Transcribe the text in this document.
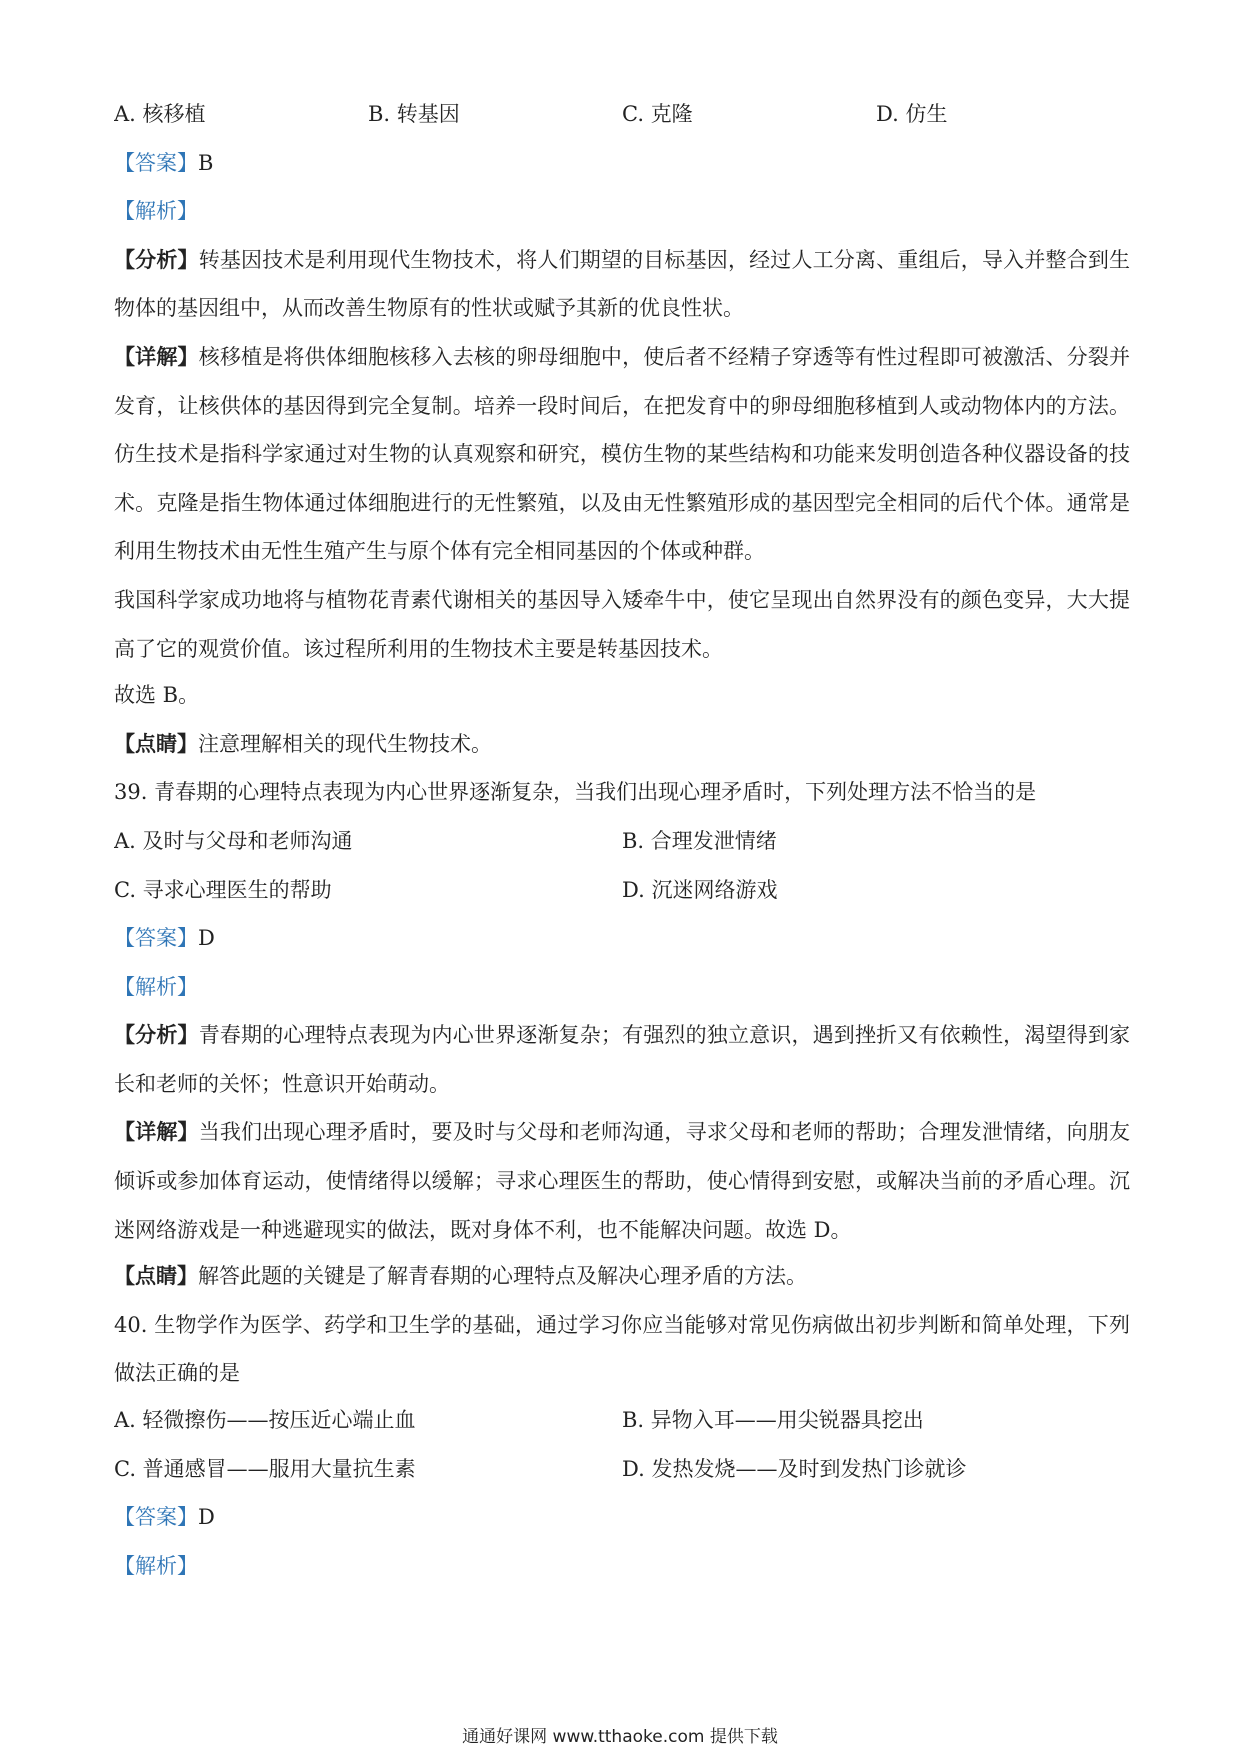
A. 核移植	B. 转基因	C. 克隆	D. 仿生
【答案】B
【解析】
【分析】转基因技术是利用现代生物技术，将人们期望的目标基因，经过人工分离、重组后，导入并整合到生物体的基因组中，从而改善生物原有的性状或赋予其新的优良性状。
【详解】核移植是将供体细胞核移入去核的卵母细胞中，使后者不经精子穿透等有性过程即可被激活、分裂并发育，让核供体的基因得到完全复制。培养一段时间后，在把发育中的卵母细胞移植到人或动物体内的方法。仿生技术是指科学家通过对生物的认真观察和研究，模仿生物的某些结构和功能来发明创造各种仪器设备的技术。克隆是指生物体通过体细胞进行的无性繁殖，以及由无性繁殖形成的基因型完全相同的后代个体。通常是利用生物技术由无性生殖产生与原个体有完全相同基因的个体或种群。
我国科学家成功地将与植物花青素代谢相关的基因导入矮牵牛中，使它呈现出自然界没有的颜色变异，大大提高了它的观赏价值。该过程所利用的生物技术主要是转基因技术。
故选 B。
【点睛】注意理解相关的现代生物技术。
39. 青春期的心理特点表现为内心世界逐渐复杂，当我们出现心理矛盾时，下列处理方法不恰当的是
A. 及时与父母和老师沟通	B. 合理发泄情绪
C. 寻求心理医生的帮助	D. 沉迷网络游戏
【答案】D
【解析】
【分析】青春期的心理特点表现为内心世界逐渐复杂；有强烈的独立意识，遇到挫折又有依赖性，渴望得到家长和老师的关怀；性意识开始萌动。
【详解】当我们出现心理矛盾时，要及时与父母和老师沟通，寻求父母和老师的帮助；合理发泄情绪，向朋友倾诉或参加体育运动，使情绪得以缓解；寻求心理医生的帮助，使心情得到安慰，或解决当前的矛盾心理。沉迷网络游戏是一种逃避现实的做法，既对身体不利，也不能解决问题。故选 D。
【点睛】解答此题的关键是了解青春期的心理特点及解决心理矛盾的方法。
40. 生物学作为医学、药学和卫生学的基础，通过学习你应当能够对常见伤病做出初步判断和简单处理，下列做法正确的是
A. 轻微擦伤——按压近心端止血	B. 异物入耳——用尖锐器具挖出
C. 普通感冒——服用大量抗生素	D. 发热发烧——及时到发热门诊就诊
【答案】D
【解析】
通通好课网 www.tthaoke.com 提供下载
